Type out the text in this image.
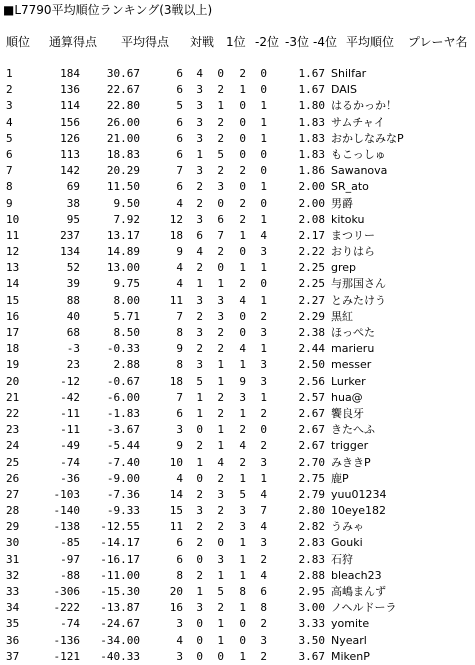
■L7790平均順位ランキング(3戦以上)
順位 通算得点 平均得点 対戦 1位 -2位 -3位 -4位 平均順位 プレーヤ名
1	184 30.67	6 4 0 2 0	1.67 Shilfar
2	136 22.67	6 3 2 1 0	1.67 DAIS
3	114 22.80	5 3 1 0 1	1.80 はるかっか！
4	156 26.00	6 3 2 0 1	1.83 サムチャイ
5	126 21.00	6 3 2 0 1	1.83 おかしなみなP
6	113 18.83	6 1 5 0 0	1.83 もこっしゅ
7	142 20.29	7 3 2 2 0	1.86 Sawanova
8	69 11.50	6 2 3 0 1	2.00 SR_ato
9	38	9.50	4 2 0 2 0	2.00 男爵
10	95	7.92	12 3 6 2 1	2.08 kitoku
11	237 13.17	18 6 7 1 4	2.17 まつリー
12	134 14.89	9 4 2 0 3	2.22 おりはら
13	52 13.00	4 2 0 1 1	2.25 grep
14	39	9.75	4 1 1 2 0	2.25 与那国さん
15	88	8.00	11 3 3 4 1	2.27 とみたけう
16	40	5.71	7 2 3 0 2	2.29 黒紅
17	68	8.50	8 3 2 0 3	2.38 ほっぺた
18	-3 -0.33	9 2 2 4 1	2.44 marieru
19	23	2.88	8 3 1 1 3	2.50 messer
20	-12 -0.67	18 5 1 9 3	2.56 Lurker
21	-42 -6.00	7 1 2 3 1	2.57 hua@
22	-11 -1.83	6 1 2 1 2	2.67 饗良牙
23	-11 -3.67	3 0 1 2 0	2.67 きたへふ
24	-49 -5.44	9 2 1 4 2	2.67 trigger
25	-74 -7.40	10 1 4 2 3	2.70 みききP
26	-36 -9.00	4 0 2 1 1	2.75 鹿P
27	-103 -7.36	14 2 3 5 4	2.79 yuu01234
28	-140 -9.33	15 3 2 3 7	2.80 10eye182
29	-138 -12.55	11 2 2 3 4	2.82 うみゃ
30	-85 -14.17	6 2 0 1 3	2.83 Gouki
31	-97 -16.17	6 0 3 1 2	2.83 石狩
32	-88 -11.00	8 2 1 1 4	2.88 bleach23
33	-306 -15.30	20 1 5 8 6	2.95 高嶋まんず
34	-222 -13.87	16 3 2 1 8	3.00 ノヘルドーラ
35	-74 -24.67	3 0 1 0 2	3.33 yomite
36	-136 -34.00	4 0 1 0 3	3.50 Nyearl
37	-121 -40.33	3 0 0 1 2	3.67 MikenP
